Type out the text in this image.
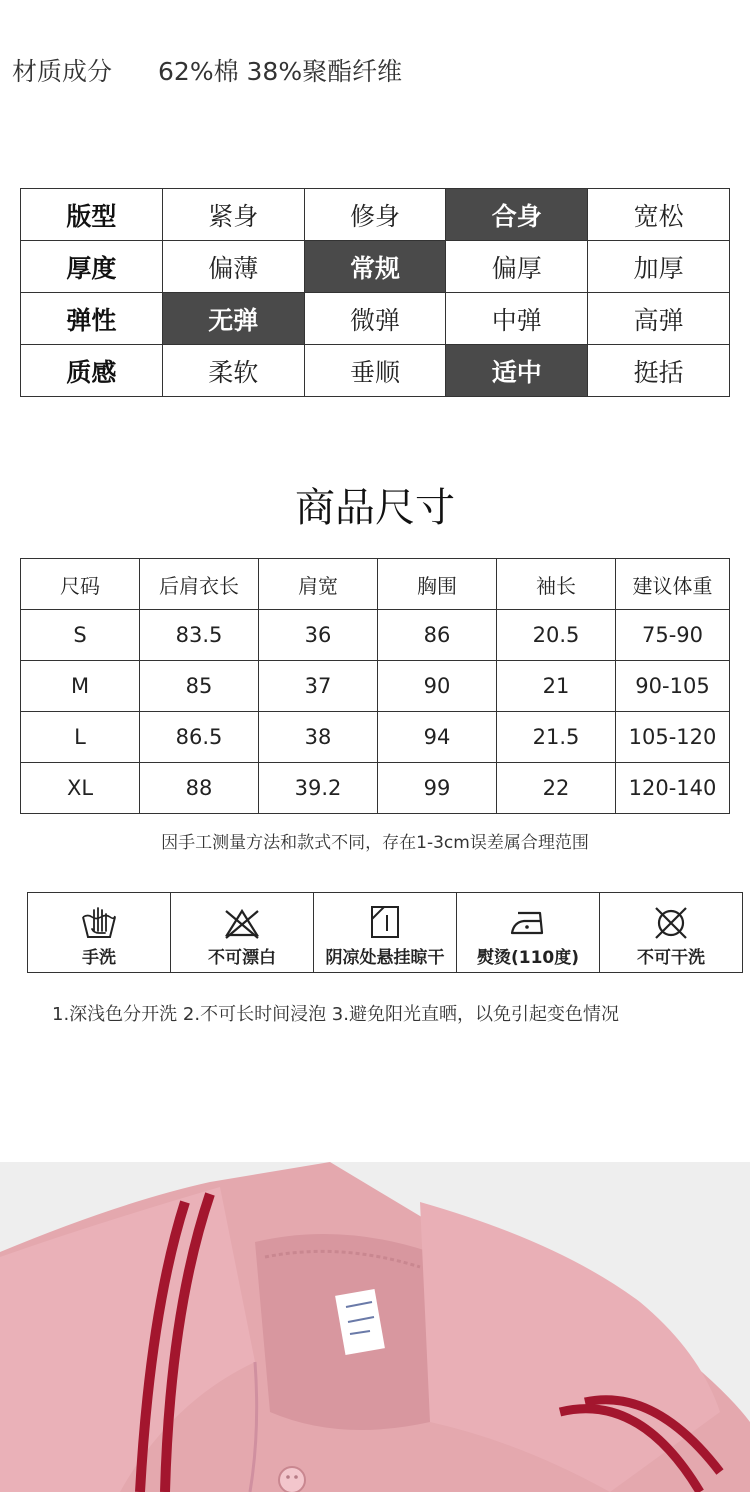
材质成分 62%棉 38%聚酯纤维
版型	紧身	修身	合身	宽松
厚度	偏薄	常规	偏厚	加厚
弹性	无弹	微弹	中弹	高弹
质感	柔软	垂顺	适中	挺括
商品尺寸
尺码	后肩衣长	肩宽	胸围	袖长	建议体重
S	83.5	36	86	20.5	75-90
M	85	37	90	21	90-105
L	86.5	38	94	21.5	105-120
XL	88	39.2	99	22	120-140
因手工测量方法和款式不同，存在1-3cm误差属合理范围
手洗	不可漂白	阴凉处悬挂晾干	熨烫(110度)	不可干洗
1.深浅色分开洗 2.不可长时间浸泡 3.避免阳光直晒，以免引起变色情况
